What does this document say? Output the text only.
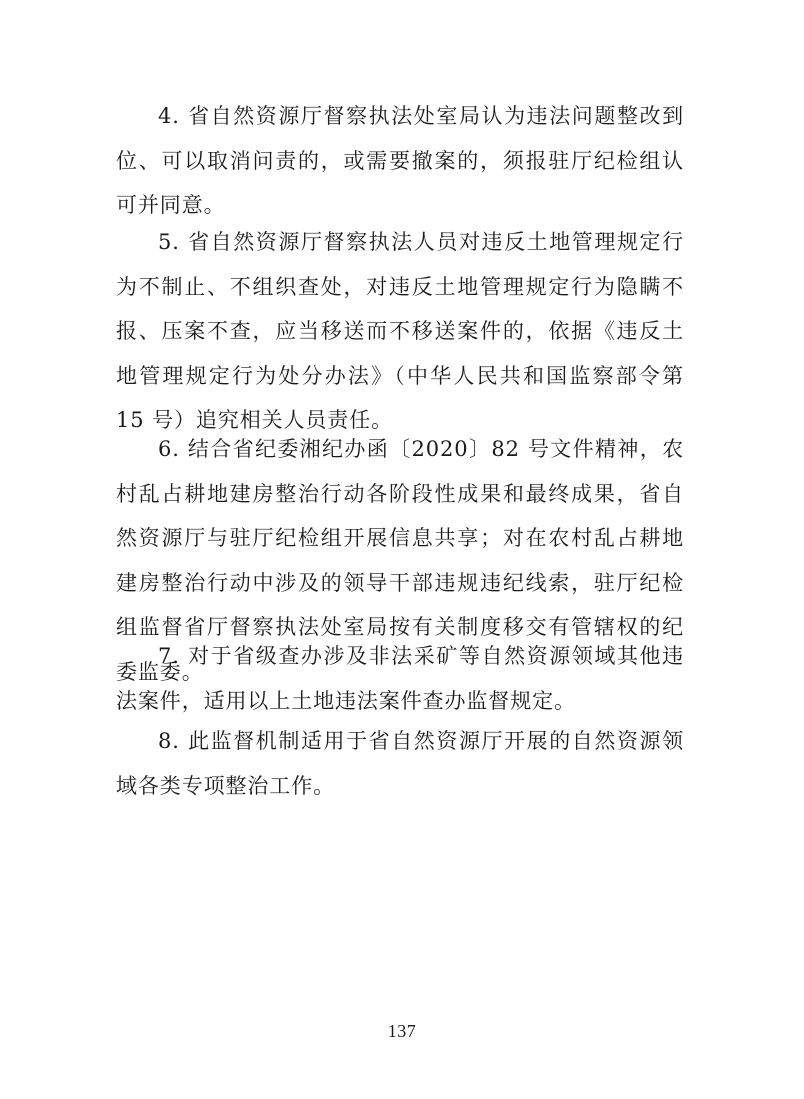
4. 省自然资源厅督察执法处室局认为违法问题整改到位、可以取消问责的，或需要撤案的，须报驻厅纪检组认可并同意。

5. 省自然资源厅督察执法人员对违反土地管理规定行为不制止、不组织查处，对违反土地管理规定行为隐瞒不报、压案不查，应当移送而不移送案件的，依据《违反土地管理规定行为处分办法》（中华人民共和国监察部令第 15 号）追究相关人员责任。

6. 结合省纪委湘纪办函〔2020〕82 号文件精神，农村乱占耕地建房整治行动各阶段性成果和最终成果，省自然资源厅与驻厅纪检组开展信息共享；对在农村乱占耕地建房整治行动中涉及的领导干部违规违纪线索，驻厅纪检组监督省厅督察执法处室局按有关制度移交有管辖权的纪委监委。

7. 对于省级查办涉及非法采矿等自然资源领域其他违法案件，适用以上土地违法案件查办监督规定。

8. 此监督机制适用于省自然资源厅开展的自然资源领域各类专项整治工作。

137
